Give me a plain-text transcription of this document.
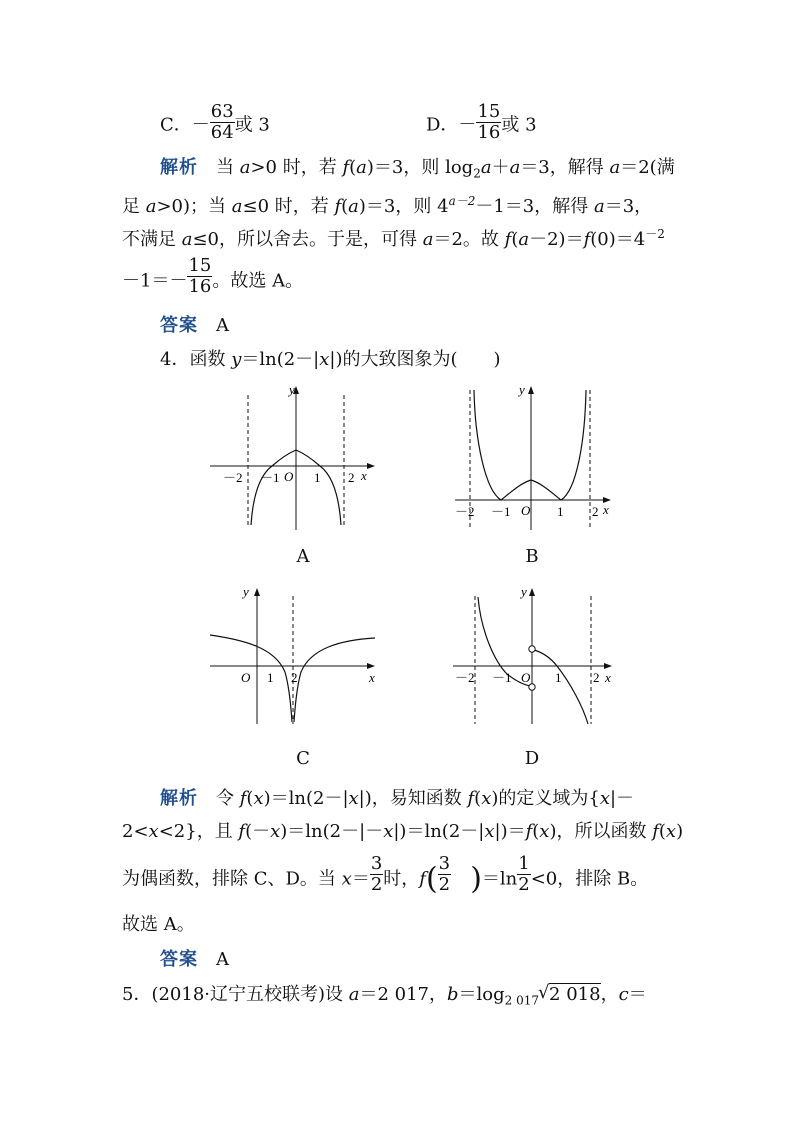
C．－ $\frac{63}{64}$ 或 3	D．－ $\frac{15}{16}$ 或 3
解析　当 a>0 时，若 f(a)＝3，则 $\log_2a+a=3$，解得 a＝2(满
足 a>0)；当 a≤0 时，若 f(a)＝3，则 $4^{a-2}-1=3$，解得 a＝3，
不满足 a≤0，所以舍去。于是，可得 a＝2。故 $f(a-2)=f(0)=4^{-2}$
$-1=- \frac{15}{16}$ 。故选 A。
答案　 A
4．函数 y＝ln(2－|x|)的大致图象为(　　)
y
x
O
－2 －1	1 2
A
y
x
O
－2 －1	1 2
B
y
x
O 1 2
C
y
x
O
－2 －1	1 2
D
解析　令 f(x)＝ln(2－|x|)，易知函数 f(x)的定义域为{x|－
2<x<2}，且 f(－x)＝ln(2－|－x|)＝ln(2－|x|)＝f(x)，所以函数 f(x)
为偶函数，排除 C、D。当 $x= \frac{3}{2}$ 时，$f( \frac{3}{2}$  )$=\ln \frac{1}{2} <0$，排除 B。
故选 A。
答案　 A
5．(2018·辽宁五校联考)设 a＝2 017，$b=\log_{2 017}$ √ 2 018，c＝
